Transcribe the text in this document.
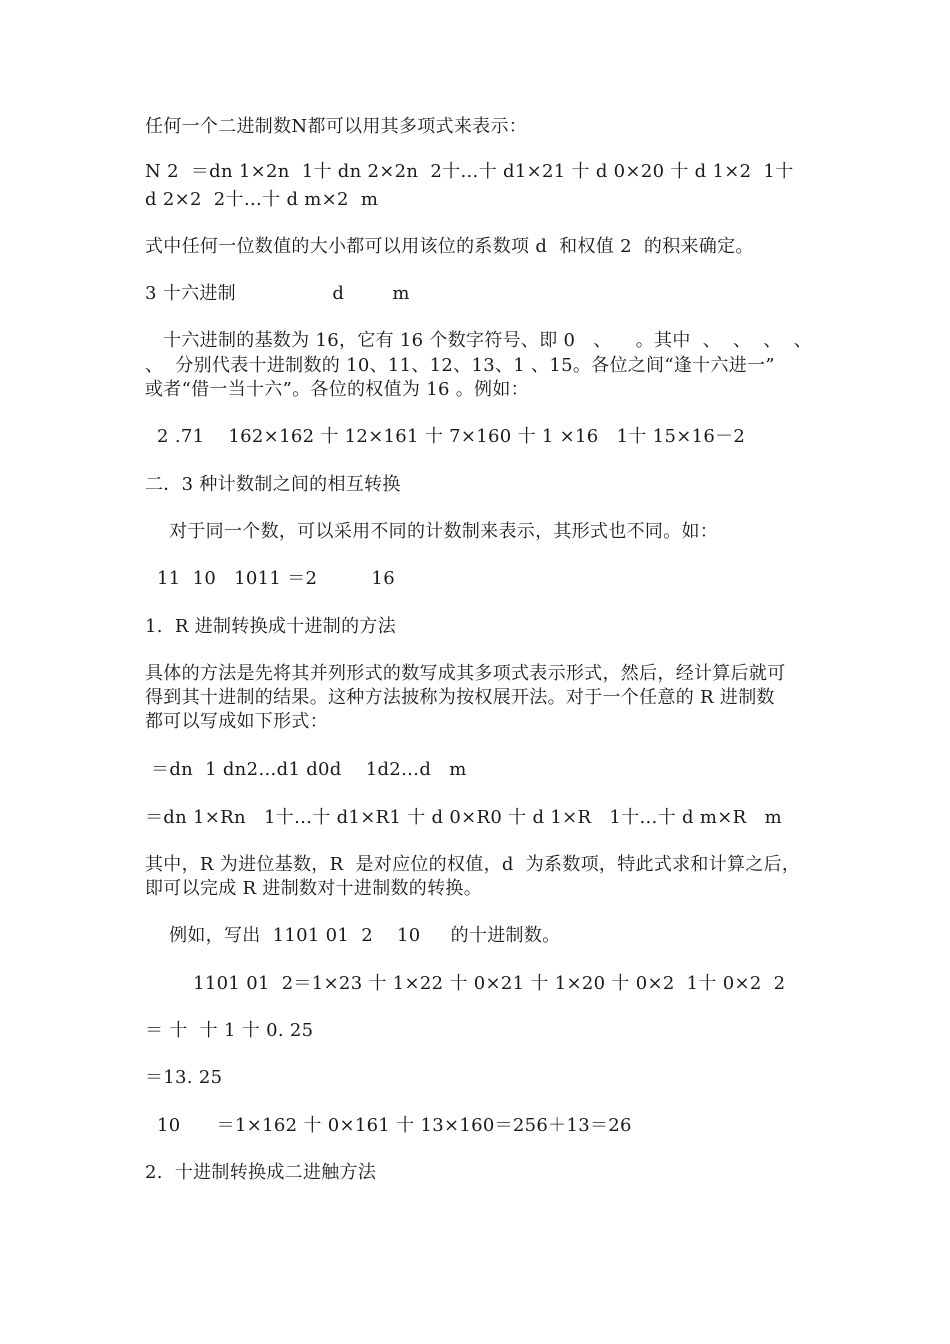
任何一个二进制数N都可以用其多项式来表示：
N 2  ＝dn 1×2n  1十 dn 2×2n  2十…十 d1×21 十 d 0×20 十 d 1×2  1十
d 2×2  2十…十 d m×2  m
式中任何一位数值的大小都可以用该位的系数项 d  和权值 2  的积来确定。
3 十六进制                d        m
十六进制的基数为 16，它有 16 个数字符号、即 0   、    。其中  、  、  、  、
、  分别代表十进制数的 10、11、12、13、1 、15。各位之间“逢十六进一”
或者“借一当十六”。各位的权值为 16 。例如：
2 .71    162×162 十 12×161 十 7×160 十 1 ×16   1十 15×16－2
二．3 种计数制之间的相互转换
对于同一个数，可以采用不同的计数制来表示，其形式也不同。如：
11  10   1011 ＝2         16
1.  R 进制转换成十进制的方法
具体的方法是先将其并列形式的数写成其多项式表示形式，然后，经计算后就可
得到其十进制的结果。这种方法披称为按权展开法。对于一个任意的 R 进制数
都可以写成如下形式：
＝dn  1 dn2…d1 d0d    1d2…d   m
＝dn 1×Rn   1十…十 d1×R1 十 d 0×R0 十 d 1×R   1十…十 d m×R   m
其中，R 为进位基数，R  是对应位的权值，d  为系数项，特此式求和计算之后，
即可以完成 R 进制数对十进制数的转换。
例如，写出  1101 01  2    10     的十进制数。
1101 01  2＝1×23 十 1×22 十 0×21 十 1×20 十 0×2  1十 0×2  2
＝ 十  十 1 十 0. 25
＝13. 25
10      ＝1×162 十 0×161 十 13×160＝256＋13＝26
2.  十进制转换成二进触方法
